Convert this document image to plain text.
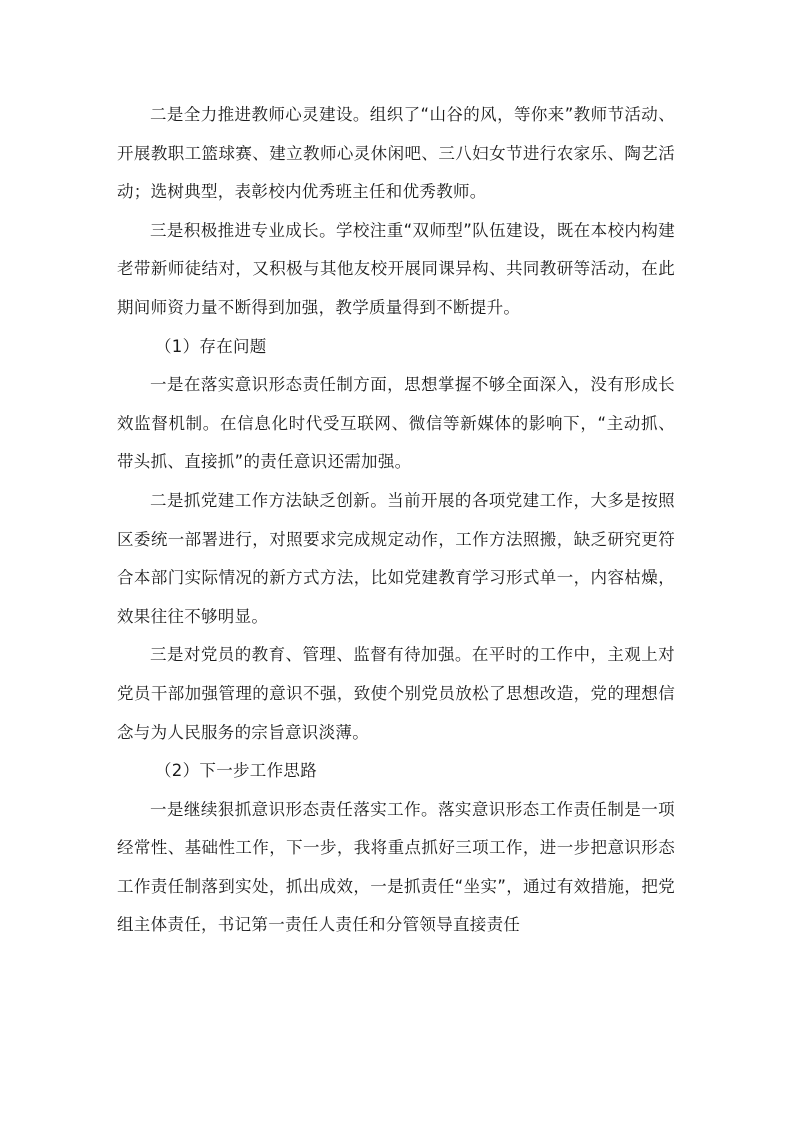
二是全力推进教师心灵建设。组织了“山谷的风，等你来”教师节活动、开展教职工篮球赛、建立教师心灵休闲吧、三八妇女节进行农家乐、陶艺活动；选树典型，表彰校内优秀班主任和优秀教师。

三是积极推进专业成长。学校注重“双师型”队伍建设，既在本校内构建老带新师徒结对，又积极与其他友校开展同课异构、共同教研等活动，在此期间师资力量不断得到加强，教学质量得到不断提升。

（1）存在问题

一是在落实意识形态责任制方面，思想掌握不够全面深入，没有形成长效监督机制。在信息化时代受互联网、微信等新媒体的影响下，“主动抓、带头抓、直接抓”的责任意识还需加强。

二是抓党建工作方法缺乏创新。当前开展的各项党建工作，大多是按照区委统一部署进行，对照要求完成规定动作，工作方法照搬，缺乏研究更符合本部门实际情况的新方式方法，比如党建教育学习形式单一，内容枯燥，效果往往不够明显。

三是对党员的教育、管理、监督有待加强。在平时的工作中，主观上对党员干部加强管理的意识不强，致使个别党员放松了思想改造，党的理想信念与为人民服务的宗旨意识淡薄。

（2）下一步工作思路

一是继续狠抓意识形态责任落实工作。落实意识形态工作责任制是一项经常性、基础性工作，下一步，我将重点抓好三项工作，进一步把意识形态工作责任制落到实处，抓出成效，一是抓责任“坐实”，通过有效措施，把党组主体责任，书记第一责任人责任和分管领导直接责任
